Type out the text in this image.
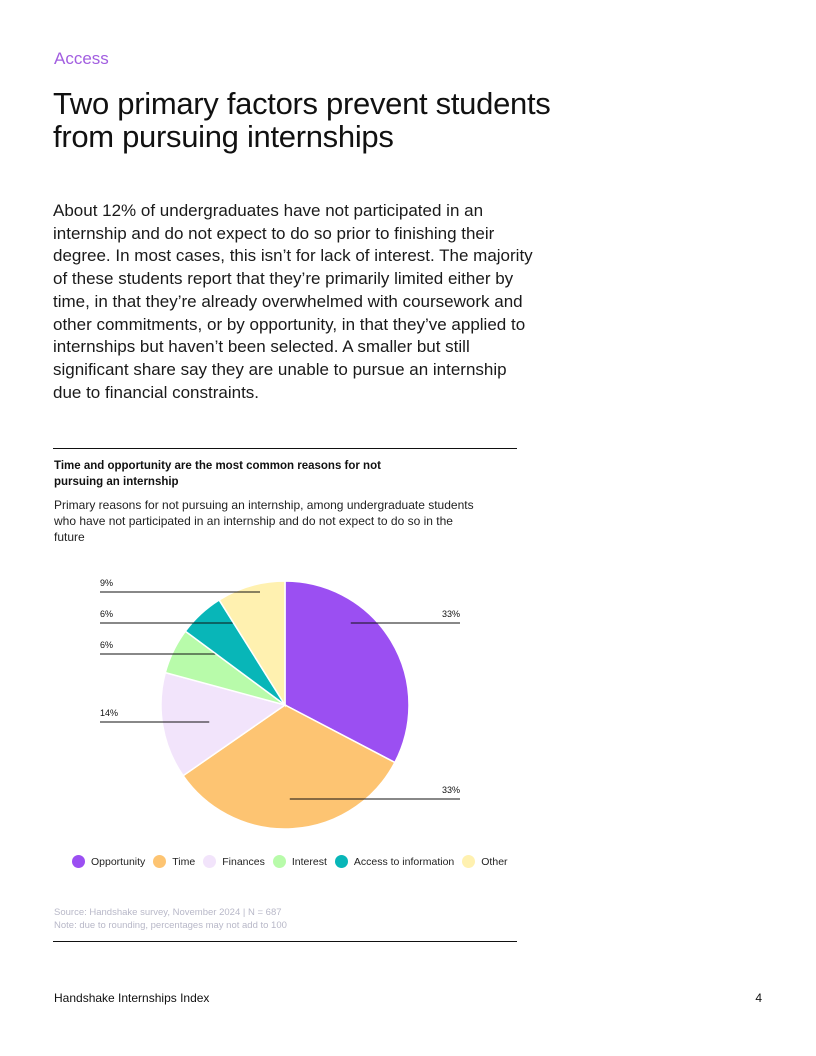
Access
Two primary factors prevent students from pursuing internships
About 12% of undergraduates have not participated in an internship and do not expect to do so prior to finishing their degree. In most cases, this isn’t for lack of interest. The majority of these students report that they’re primarily limited either by time, in that they’re already overwhelmed with coursework and other commitments, or by opportunity, in that they’ve applied to internships but haven’t been selected. A smaller but still significant share say they are unable to pursue an internship due to financial constraints.
Time and opportunity are the most common reasons for not pursuing an internship
Primary reasons for not pursuing an internship, among undergraduate students who have not participated in an internship and do not expect to do so in the future
33%
33%
14%
6%
6%
9%
Opportunity	Time	Finances	Interest	Access to information	Other
Source: Handshake survey, November 2024 | N = 687
Note: due to rounding, percentages may not add to 100
Handshake Internships Index	4
